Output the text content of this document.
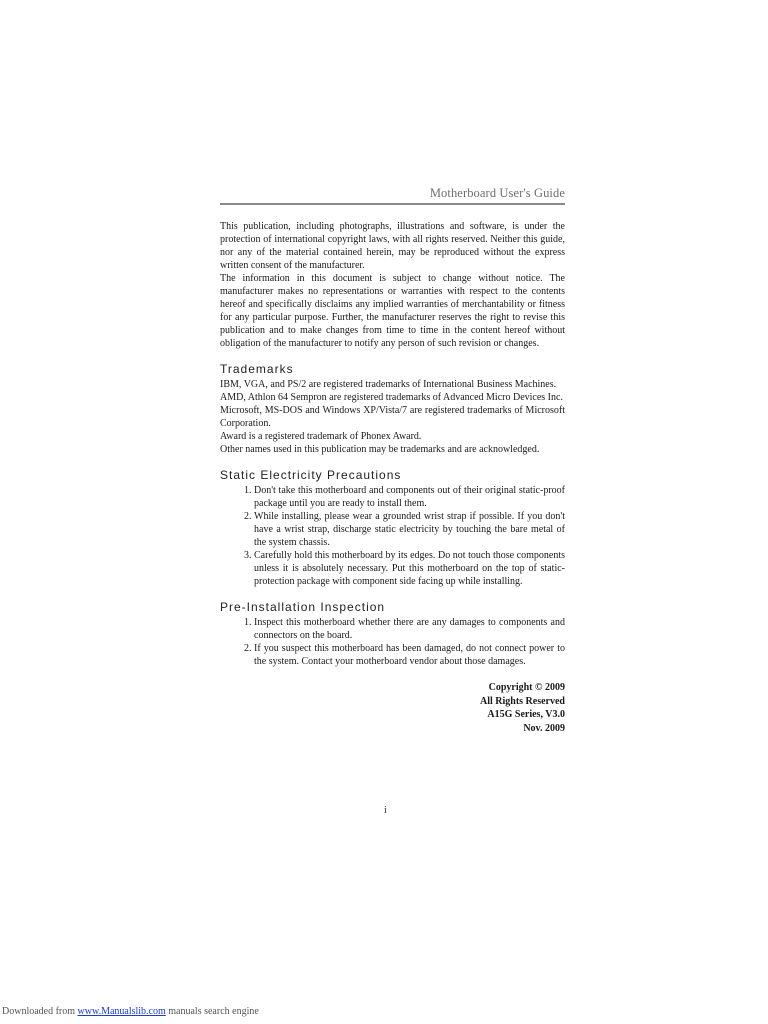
Motherboard User's Guide

This publication, including photographs, illustrations and software, is under the protection of international copyright laws, with all rights reserved. Neither this guide, nor any of the material contained herein, may be reproduced without the express written consent of the manufacturer.

The information in this document is subject to change without notice. The manufacturer makes no representations or warranties with respect to the contents hereof and specifically disclaims any implied warranties of merchantability or fitness for any particular purpose. Further, the manufacturer reserves the right to revise this publication and to make changes from time to time in the content hereof without obligation of the manufacturer to notify any person of such revision or changes.

Trademarks

IBM, VGA, and PS/2 are registered trademarks of International Business Machines.

AMD, Athlon 64 Sempron are registered trademarks of Advanced Micro Devices Inc.

Microsoft, MS-DOS and Windows XP/Vista/7 are registered trademarks of Microsoft Corporation.

Award is a registered trademark of Phonex Award.

Other names used in this publication may be trademarks and are acknowledged.

Static Electricity Precautions
1. Don't take this motherboard and components out of their original static-proof package until you are ready to install them.
2. While installing, please wear a grounded wrist strap if possible. If you don't have a wrist strap, discharge static electricity by touching the bare metal of the system chassis.
3. Carefully hold this motherboard by its edges. Do not touch those components unless it is absolutely necessary. Put this motherboard on the top of static-protection package with component side facing up while installing.
Pre-Installation Inspection
1. Inspect this motherboard whether there are any damages to components and connectors on the board.
2. If you suspect this motherboard has been damaged, do not connect power to the system. Contact your motherboard vendor about those damages.
Copyright © 2009
All Rights Reserved
A15G Series, V3.0
Nov. 2009
i
Downloaded from www.Manualslib.com manuals search engine
